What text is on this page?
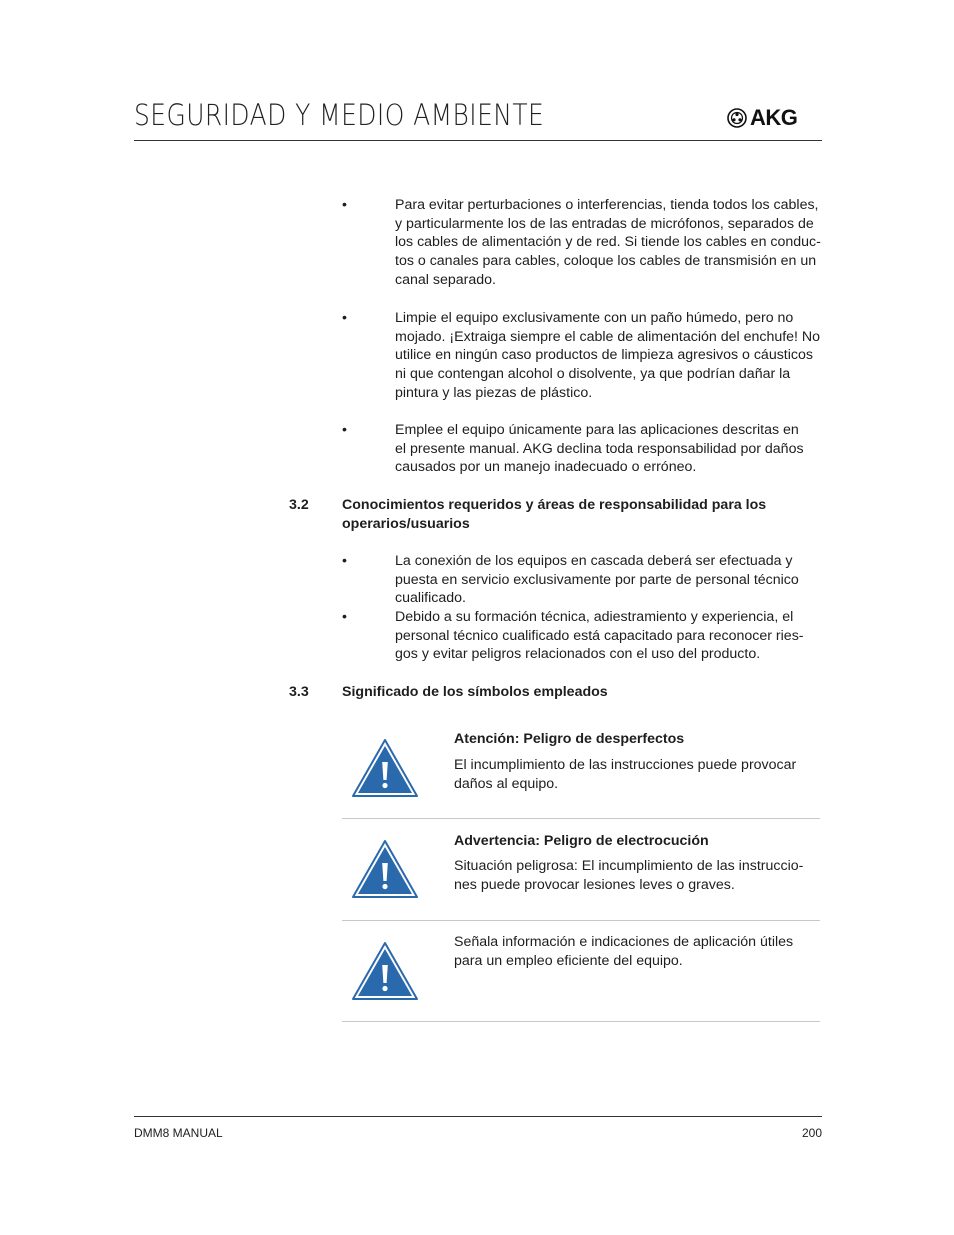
SEGURIDAD Y MEDIO AMBIENTE	AKG
•	Para evitar perturbaciones o interferencias, tienda todos los cables,
y particularmente los de las entradas de micrófonos, separados de
los cables de alimentación y de red. Si tiende los cables en conduc-
tos o canales para cables, coloque los cables de transmisión en un
canal separado.
•	Limpie el equipo exclusivamente con un paño húmedo, pero no
mojado. ¡Extraiga siempre el cable de alimentación del enchufe! No
utilice en ningún caso productos de limpieza agresivos o cáusticos
ni que contengan alcohol o disolvente, ya que podrían dañar la
pintura y las piezas de plástico.
•	Emplee el equipo únicamente para las aplicaciones descritas en
el presente manual. AKG declina toda responsabilidad por daños
causados por un manejo inadecuado o erróneo.
3.2 Conocimientos requeridos y áreas de responsabilidad para los
operarios/usuarios
•	La conexión de los equipos en cascada deberá ser efectuada y
puesta en servicio exclusivamente por parte de personal técnico
cualificado.
•	Debido a su formación técnica, adiestramiento y experiencia, el
personal técnico cualificado está capacitado para reconocer ries-
gos y evitar peligros relacionados con el uso del producto.
3.3 Significado de los símbolos empleados
Atención: Peligro de desperfectos
El incumplimiento de las instrucciones puede provocar
daños al equipo.
Advertencia: Peligro de electrocución
Situación peligrosa: El incumplimiento de las instruccio-
nes puede provocar lesiones leves o graves.
Señala información e indicaciones de aplicación útiles
para un empleo eficiente del equipo.
DMM8 MANUAL	200
